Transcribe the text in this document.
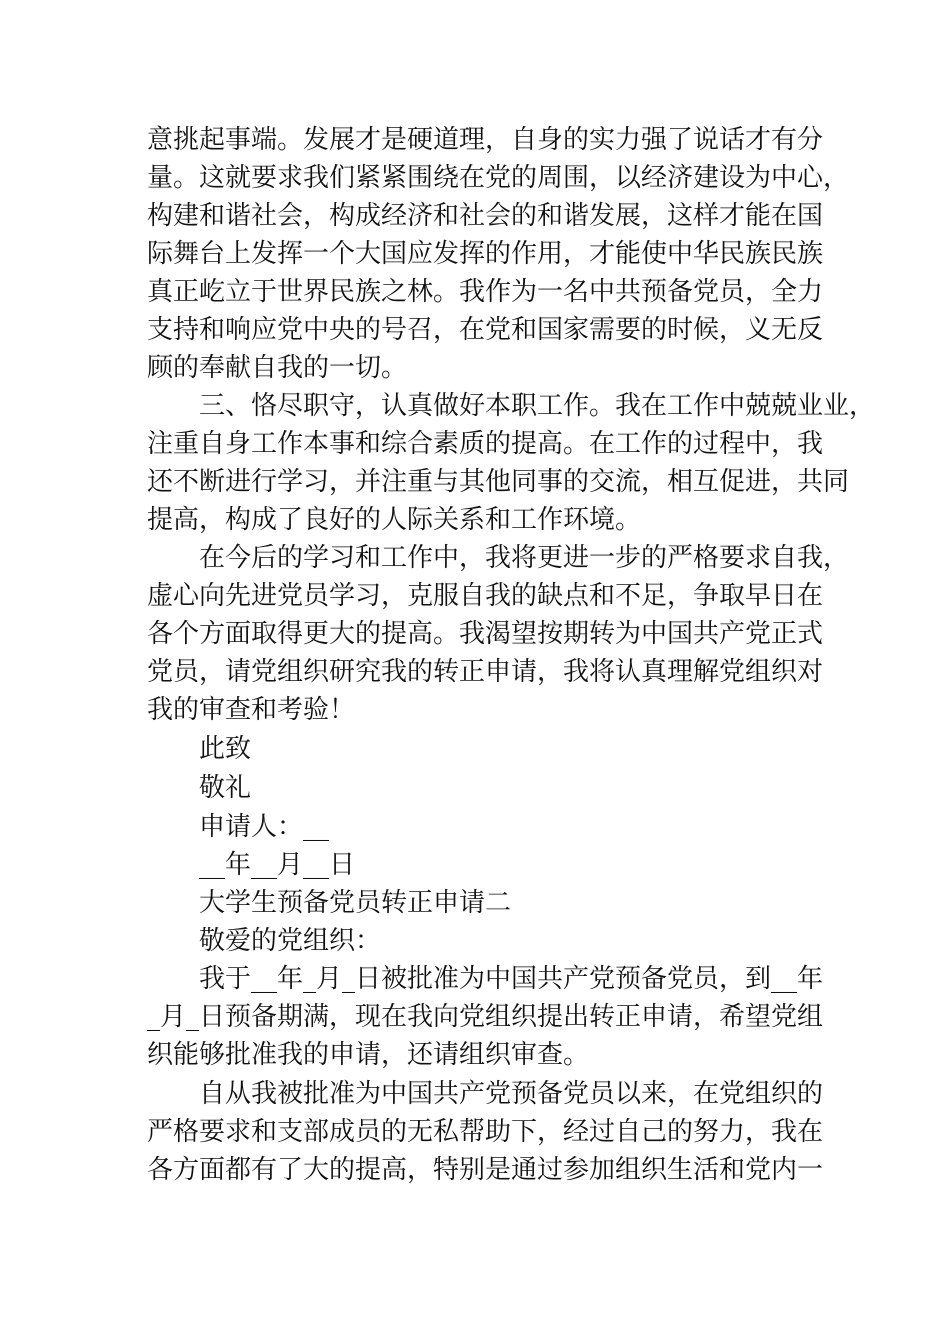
意挑起事端。发展才是硬道理，自身的实力强了说话才有分
量。这就要求我们紧紧围绕在党的周围，以经济建设为中心，
构建和谐社会，构成经济和社会的和谐发展，这样才能在国
际舞台上发挥一个大国应发挥的作用，才能使中华民族民族
真正屹立于世界民族之林。我作为一名中共预备党员，全力
支持和响应党中央的号召，在党和国家需要的时候，义无反
顾的奉献自我的一切。
三、恪尽职守，认真做好本职工作。我在工作中兢兢业业，
注重自身工作本事和综合素质的提高。在工作的过程中，我
还不断进行学习，并注重与其他同事的交流，相互促进，共同
提高，构成了良好的人际关系和工作环境。
在今后的学习和工作中，我将更进一步的严格要求自我，
虚心向先进党员学习，克服自我的缺点和不足，争取早日在
各个方面取得更大的提高。我渴望按期转为中国共产党正式
党员，请党组织研究我的转正申请，我将认真理解党组织对
我的审查和考验！
此致
敬礼
申请人：__
__年__月__日
大学生预备党员转正申请二
敬爱的党组织：
我于__年_月_日被批准为中国共产党预备党员，到__年
_月_日预备期满，现在我向党组织提出转正申请，希望党组
织能够批准我的申请，还请组织审查。
自从我被批准为中国共产党预备党员以来，在党组织的
严格要求和支部成员的无私帮助下，经过自己的努力，我在
各方面都有了大的提高，特别是通过参加组织生活和党内一
